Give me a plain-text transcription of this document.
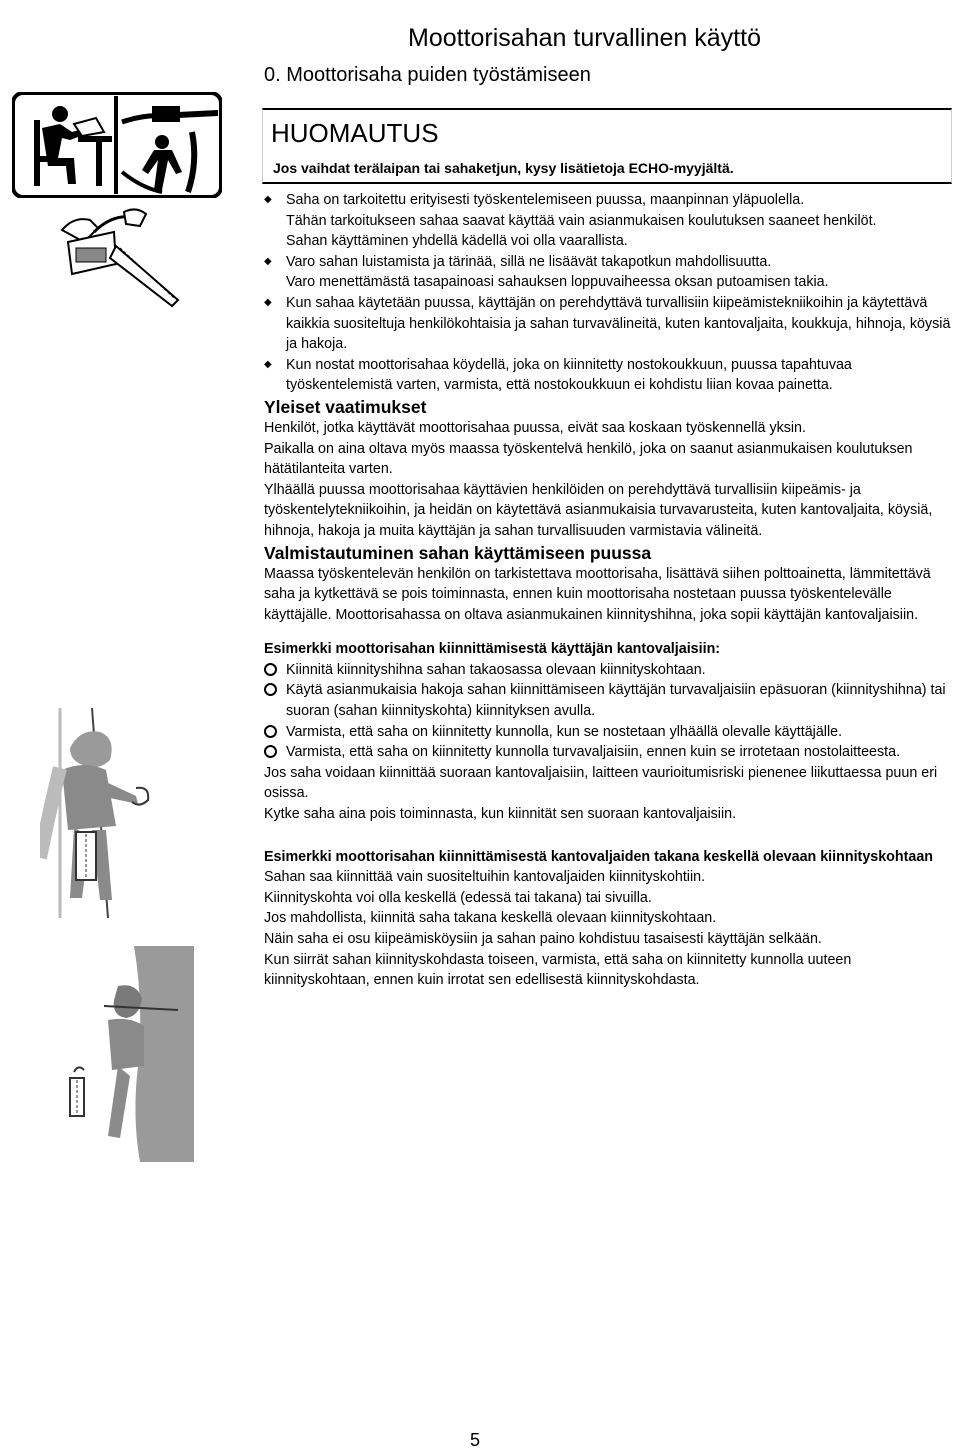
Moottorisahan turvallinen käyttö
0. Moottorisaha puiden työstämiseen
HUOMAUTUS
Jos vaihdat terälaipan tai sahaketjun, kysy lisätietoja ECHO-myyjältä.
◆ Saha on tarkoitettu erityisesti työskentelemiseen puussa, maanpinnan yläpuolella.

Tähän tarkoitukseen sahaa saavat käyttää vain asianmukaisen koulutuksen saaneet henkilöt.

Sahan käyttäminen yhdellä kädellä voi olla vaarallista.

◆ Varo sahan luistamista ja tärinää, sillä ne lisäävät takapotkun mahdollisuutta.

Varo menettämästä tasapainoasi sahauksen loppuvaiheessa oksan putoamisen takia.

◆ Kun sahaa käytetään puussa, käyttäjän on perehdyttävä turvallisiin kiipeämistekniikoihin ja käytettävä kaikkia suositeltuja henkilökohtaisia ja sahan turvavälineitä, kuten kantovaljaita, koukkuja, hihnoja, köysiä ja hakoja.

◆ Kun nostat moottorisahaa köydellä, joka on kiinnitetty nostokoukkuun, puussa tapahtuvaa työskentelemistä varten, varmista, että nostokoukkuun ei kohdistu liian kovaa painetta.

Yleiset vaatimukset

Henkilöt, jotka käyttävät moottorisahaa puussa, eivät saa koskaan työskennellä yksin.

Paikalla on aina oltava myös maassa työskentelvä henkilö, joka on saanut asianmukaisen koulutuksen hätätilanteita varten.

Ylhäällä puussa moottorisahaa käyttävien henkilöiden on perehdyttävä turvallisiin kiipeämis- ja työskentelytekniikoihin, ja heidän on käytettävä asianmukaisia turvavarusteita, kuten kantovaljaita, köysiä, hihnoja, hakoja ja muita käyttäjän ja sahan turvallisuuden varmistavia välineitä.

Valmistautuminen sahan käyttämiseen puussa

Maassa työskentelevän henkilön on tarkistettava moottorisaha, lisättävä siihen polttoainetta, lämmitettävä saha ja kytkettävä se pois toiminnasta, ennen kuin moottorisaha nostetaan puussa työskentelevälle käyttäjälle. Moottorisahassa on oltava asianmukainen kiinnityshihna, joka sopii käyttäjän kantovaljaisiin.

Esimerkki moottorisahan kiinnittämisestä käyttäjän kantovaljaisiin:

Kiinnitä kiinnityshihna sahan takaosassa olevaan kiinnityskohtaan.

Käytä asianmukaisia hakoja sahan kiinnittämiseen käyttäjän turvavaljaisiin epäsuoran (kiinnityshihna) tai suoran (sahan kiinnityskohta) kiinnityksen avulla.

Varmista, että saha on kiinnitetty kunnolla, kun se nostetaan ylhäällä olevalle käyttäjälle.

Varmista, että saha on kiinnitetty kunnolla turvavaljaisiin, ennen kuin se irrotetaan nostolaitteesta.

Jos saha voidaan kiinnittää suoraan kantovaljaisiin, laitteen vaurioitumisriski pienenee liikuttaessa puun eri osissa.

Kytke saha aina pois toiminnasta, kun kiinnität sen suoraan kantovaljaisiin.

Esimerkki moottorisahan kiinnittämisestä kantovaljaiden takana keskellä olevaan kiinnityskohtaan

Sahan saa kiinnittää vain suositeltuihin kantovaljaiden kiinnityskohtiin.

Kiinnityskohta voi olla keskellä (edessä tai takana) tai sivuilla.

Jos mahdollista, kiinnitä saha takana keskellä olevaan kiinnityskohtaan.

Näin saha ei osu kiipeämisköysiin ja sahan paino kohdistuu tasaisesti käyttäjän selkään.

Kun siirrät sahan kiinnityskohdasta toiseen, varmista, että saha on kiinnitetty kunnolla uuteen kiinnityskohtaan, ennen kuin irrotat sen edellisestä kiinnityskohdasta.

5
